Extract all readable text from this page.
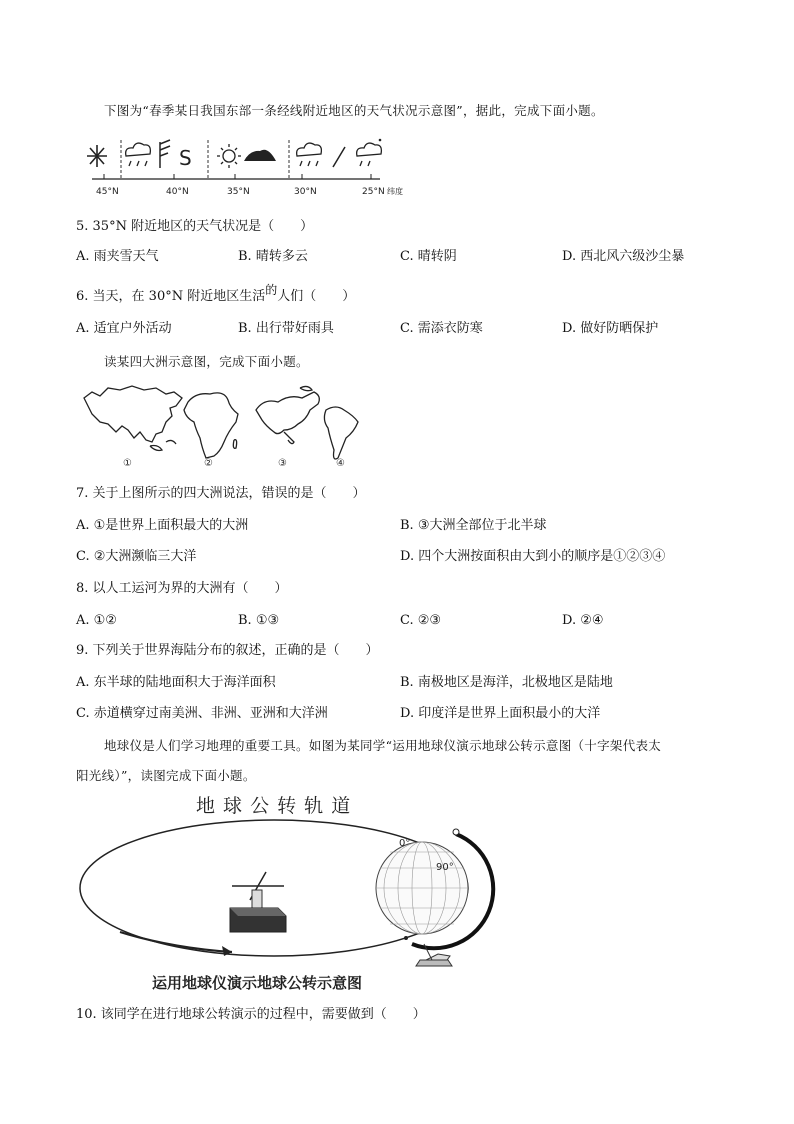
下图为“春季某日我国东部一条经线附近地区的天气状况示意图”，据此，完成下面小题。
S
45°N	40°N	35°N	30°N	25°N 纬度
5. 35°N 附近地区的天气状况是（　　）
A. 雨夹雪天气	B. 晴转多云	C. 晴转阴	D. 西北风六级沙尘暴
6. 当天，在 30°N 附近地区生活的人们（　　）
A. 适宜户外活动	B. 出行带好雨具	C. 需添衣防寒	D. 做好防晒保护
读某四大洲示意图，完成下面小题。
①	②	③	④
7. 关于上图所示的四大洲说法，错误的是（　　）
A. ①是世界上面积最大的大洲	B. ③大洲全部位于北半球
C. ②大洲濒临三大洋	D. 四个大洲按面积由大到小的顺序是①②③④
8. 以人工运河为界的大洲有（　　）
A. ①②	B. ①③	C. ②③	D. ②④
9. 下列关于世界海陆分布的叙述，正确的是（　　）
A. 东半球的陆地面积大于海洋面积	B. 南极地区是海洋，北极地区是陆地
C. 赤道横穿过南美洲、非洲、亚洲和大洋洲	D. 印度洋是世界上面积最小的大洋
地球仪是人们学习地理的重要工具。如图为某同学“运用地球仪演示地球公转示意图（十字架代表太
阳光线）”，读图完成下面小题。
地 球 公 转 轨 道
0°
90°
运用地球仪演示地球公转示意图
10. 该同学在进行地球公转演示的过程中，需要做到（　　）
